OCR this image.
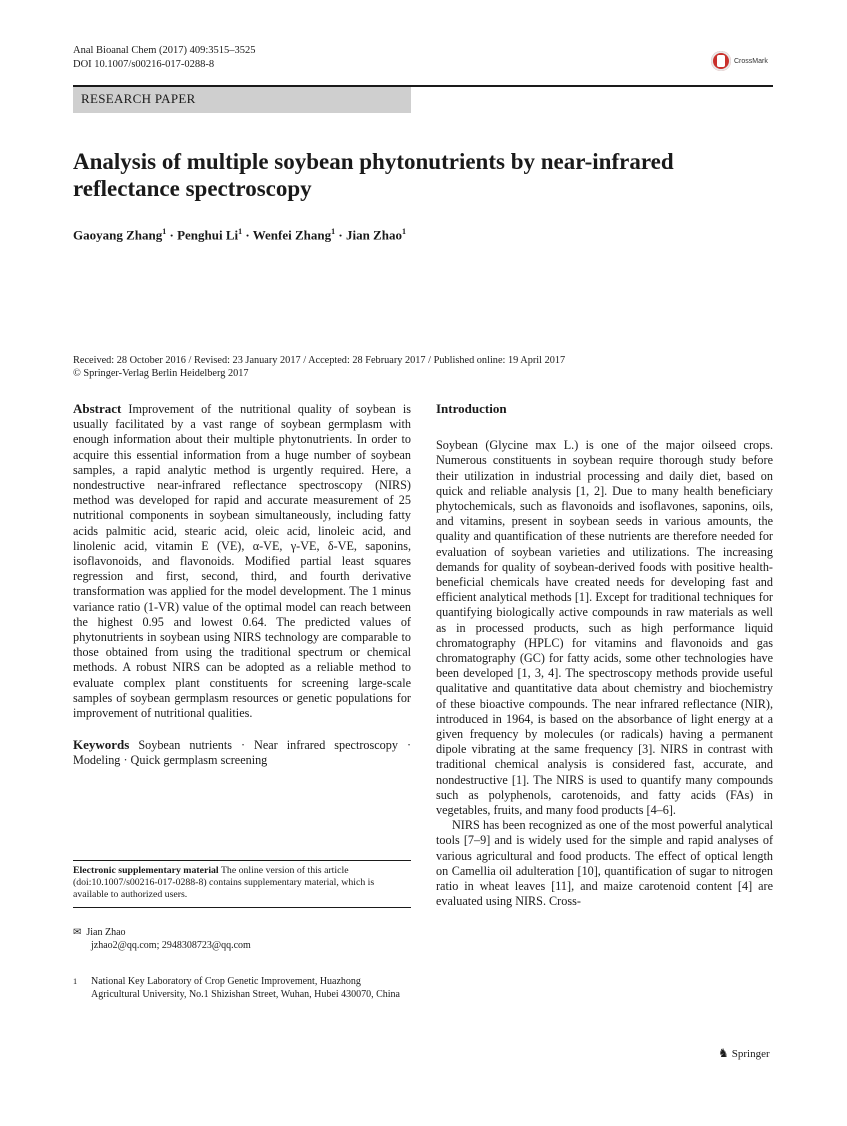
Anal Bioanal Chem (2017) 409:3515–3525
DOI 10.1007/s00216-017-0288-8	CrossMark
RESEARCH PAPER
Analysis of multiple soybean phytonutrients by near-infrared reflectance spectroscopy
Gaoyang Zhang$^1$ · Penghui $Li^1$ · Wenfei Zhang$^1$ · Jian Zhao$^1$
Received: 28 October 2016 / Revised: 23 January 2017 / Accepted: 28 February 2017 / Published online: 19 April 2017
© Springer-Verlag Berlin Heidelberg 2017

Abstract Improvement of the nutritional quality of soybean is usually facilitated by a vast range of soybean germplasm with enough information about their multiple phytonutrients. In order to acquire this essential information from a huge number of soybean samples, a rapid analytic method is urgently required. Here, a nondestructive near-infrared reflectance spectroscopy (NIRS) method was developed for rapid and accurate measurement of 25 nutritional components in soybean simultaneously, including fatty acids palmitic acid, stearic acid, oleic acid, linoleic acid, and linolenic acid, vitamin E (VE), α-VE, γ-VE, δ-VE, saponins, isoflavonoids, and flavonoids. Modified partial least squares regression and first, second, third, and fourth derivative transformation was applied for the model development. The 1 minus variance ratio (1-VR) value of the optimal model can reach between the highest 0.95 and lowest 0.64. The predicted values of phytonutrients in soybean using NIRS technology are comparable to those obtained from using the traditional spectrum or chemical methods. A robust NIRS can be adopted as a reliable method to evaluate complex plant constituents for screening large-scale samples of soybean germplasm resources or genetic populations for improvement of nutritional qualities.

Keywords Soybean nutrients · Near infrared spectroscopy · Modeling · Quick germplasm screening

Electronic supplementary material The online version of this article (doi:10.1007/s00216-017-0288-8) contains supplementary material, which is available to authorized users.
✉ Jian Zhao
jzhao2@qq.com; 2948308723@qq.com
1	National Key Laboratory of Crop Genetic Improvement, Huazhong Agricultural University, No.1 Shizishan Street, Wuhan, Hubei 430070, China
Introduction

Soybean (Glycine max L.) is one of the major oilseed crops. Numerous constituents in soybean require thorough study before their utilization in industrial processing and daily diet, based on quick and reliable analysis [1, 2]. Due to many health beneficiary phytochemicals, such as flavonoids and isoflavones, saponins, oils, and vitamins, present in soybean seeds in various amounts, the quality and quantification of these nutrients are therefore needed for evaluation of soybean varieties and utilizations. The increasing demands for quality of soybean-derived foods with positive health-beneficial chemicals have created needs for developing fast and efficient analytical methods [1]. Except for traditional techniques for quantifying biologically active compounds in raw materials as well as in processed products, such as high performance liquid chromatography (HPLC) for vitamins and flavonoids and gas chromatography (GC) for fatty acids, some other technologies have been developed [1, 3, 4]. The spectroscopy methods provide useful qualitative and quantitative data about chemistry and biochemistry of these bioactive compounds. The near infrared reflectance (NIR), introduced in 1964, is based on the absorbance of light energy at a given frequency by molecules (or radicals) having a permanent dipole vibrating at the same frequency [3]. NIRS in contrast with traditional chemical analysis is considered fast, accurate, and nondestructive [1]. The NIRS is used to quantify many compounds such as polyphenols, carotenoids, and fatty acids (FAs) in vegetables, fruits, and many food products [4–6].

NIRS has been recognized as one of the most powerful analytical tools [7–9] and is widely used for the simple and rapid analyses of various agricultural and food products. The effect of optical length on Camellia oil adulteration [10], quantification of sugar to nitrogen ratio in wheat leaves [11], and maize carotenoid content [4] are evaluated using NIRS. Cross-

♞ Springer
